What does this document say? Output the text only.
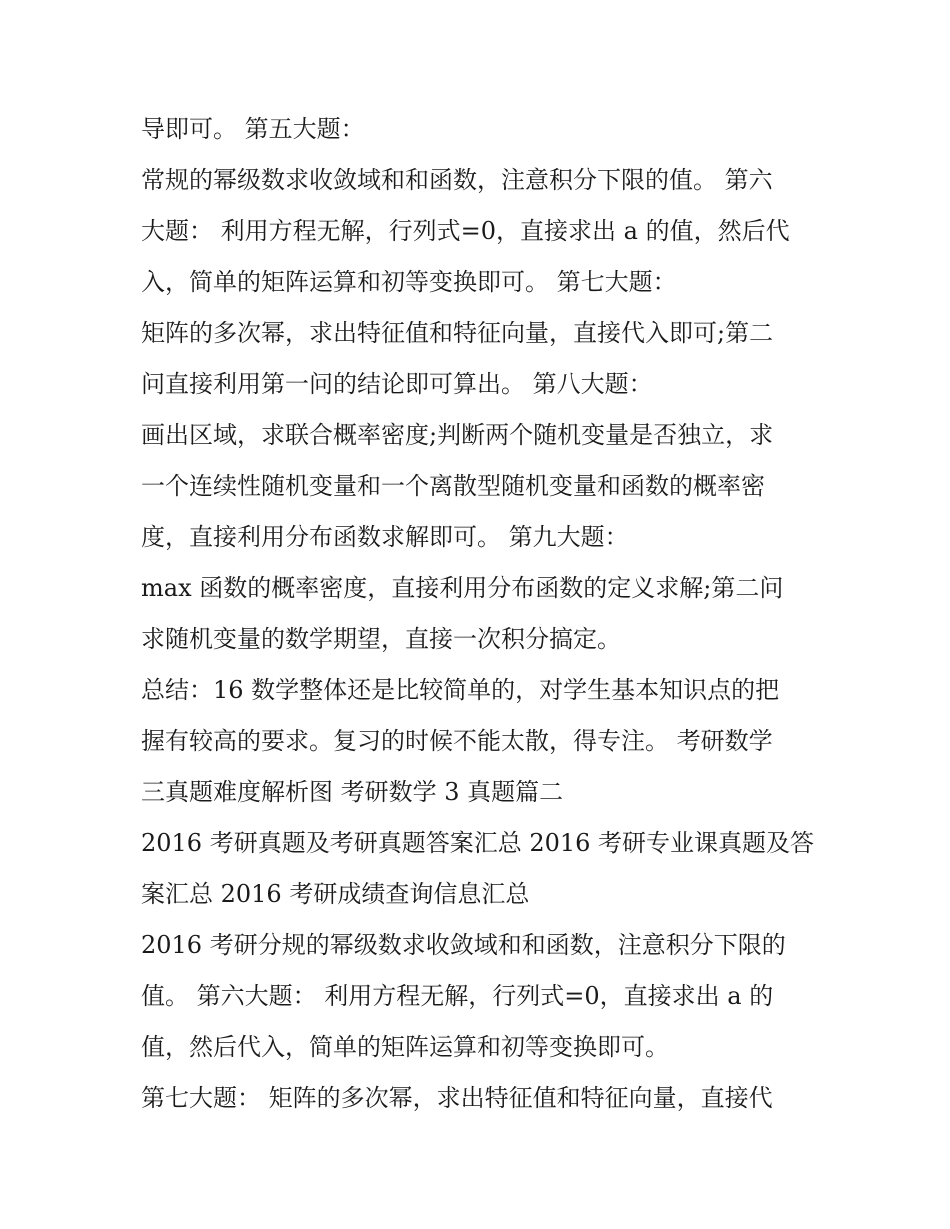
导即可。 第五大题：
常规的幂级数求收敛域和和函数，注意积分下限的值。 第六
大题： 利用方程无解，行列式=0，直接求出 a 的值，然后代
入，简单的矩阵运算和初等变换即可。 第七大题：
矩阵的多次幂，求出特征值和特征向量，直接代入即可;第二
问直接利用第一问的结论即可算出。 第八大题：
画出区域，求联合概率密度;判断两个随机变量是否独立，求
一个连续性随机变量和一个离散型随机变量和函数的概率密
度，直接利用分布函数求解即可。 第九大题：
max 函数的概率密度，直接利用分布函数的定义求解;第二问
求随机变量的数学期望，直接一次积分搞定。
总结：16 数学整体还是比较简单的，对学生基本知识点的把
握有较高的要求。复习的时候不能太散，得专注。 考研数学
三真题难度解析图 考研数学 3 真题篇二
2016 考研真题及考研真题答案汇总 2016 考研专业课真题及答
案汇总 2016 考研成绩查询信息汇总
2016 考研分规的幂级数求收敛域和和函数，注意积分下限的
值。 第六大题： 利用方程无解，行列式=0，直接求出 a 的
值，然后代入，简单的矩阵运算和初等变换即可。
第七大题： 矩阵的多次幂，求出特征值和特征向量，直接代
